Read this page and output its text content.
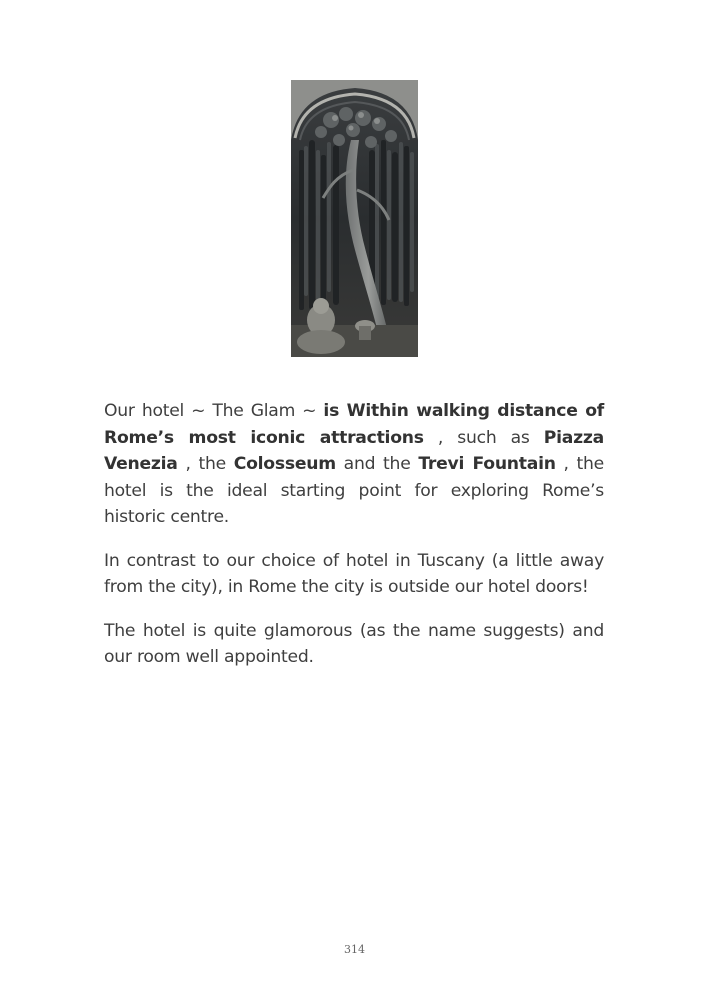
Our hotel ~ The Glam ~ is Within walking distance of Rome’s most iconic attractions , such as Piazza Venezia , the Colosseum and the Trevi Fountain , the hotel is the ideal starting point for exploring Rome’s historic centre.

In contrast to our choice of hotel in Tuscany (a little away from the city), in Rome the city is outside our hotel doors!

The hotel is quite glamorous (as the name suggests) and our room well appointed.

314
